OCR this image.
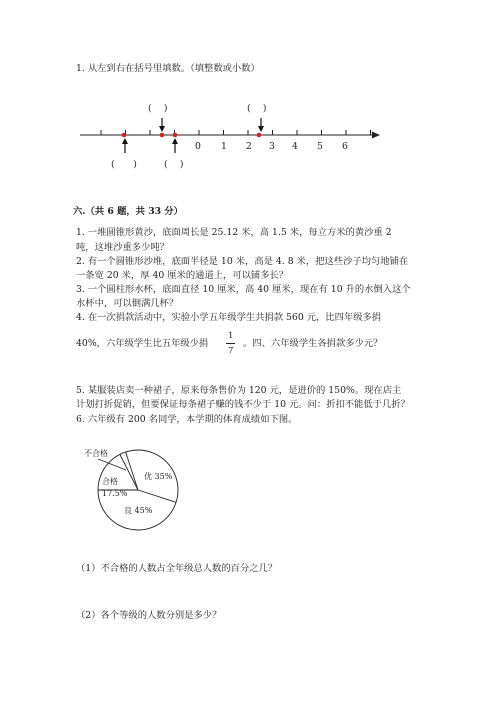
1. 从左到右在括号里填数。（填整数或小数）
0 1 2 3 4 5 6
(　 )	(　 )
(　　)	(　 )
六.（共 6 题，共 33 分）
1. 一堆圆锥形黄沙，底面周长是 25.12 米，高 1.5 米，每立方米的黄沙重 2
吨，这堆沙重多少吨？
2. 有一个圆锥形沙堆，底面半径是 10 米，高是 4. 8 米，把这些沙子均匀地铺在
一条宽 20 米，厚 40 厘米的通道上，可以铺多长？
3. 一个圆柱形水杯，底面直径 10 厘米，高 40 厘米，现在有 10 升的水倒入这个
水杯中，可以倒满几杯？
4. 在一次捐款活动中，实验小学五年级学生共捐款 560 元，比四年级多捐
40%，六年级学生比五年级少捐
1
7
。四、六年级学生各捐款多少元？
5. 某服装店卖一种裙子，原来每条售价为 120 元，是进价的 150%。现在店主
计划打折促销，但要保证每条裙子赚的钱不少于 10 元。问：折扣不能低于几折？
6. 六年级有 200 名同学，本学期的体育成绩如下图。
不合格
合格
17.5%
优 35%
良 45%
（1）不合格的人数占全年级总人数的百分之几？
（2）各个等级的人数分别是多少？
